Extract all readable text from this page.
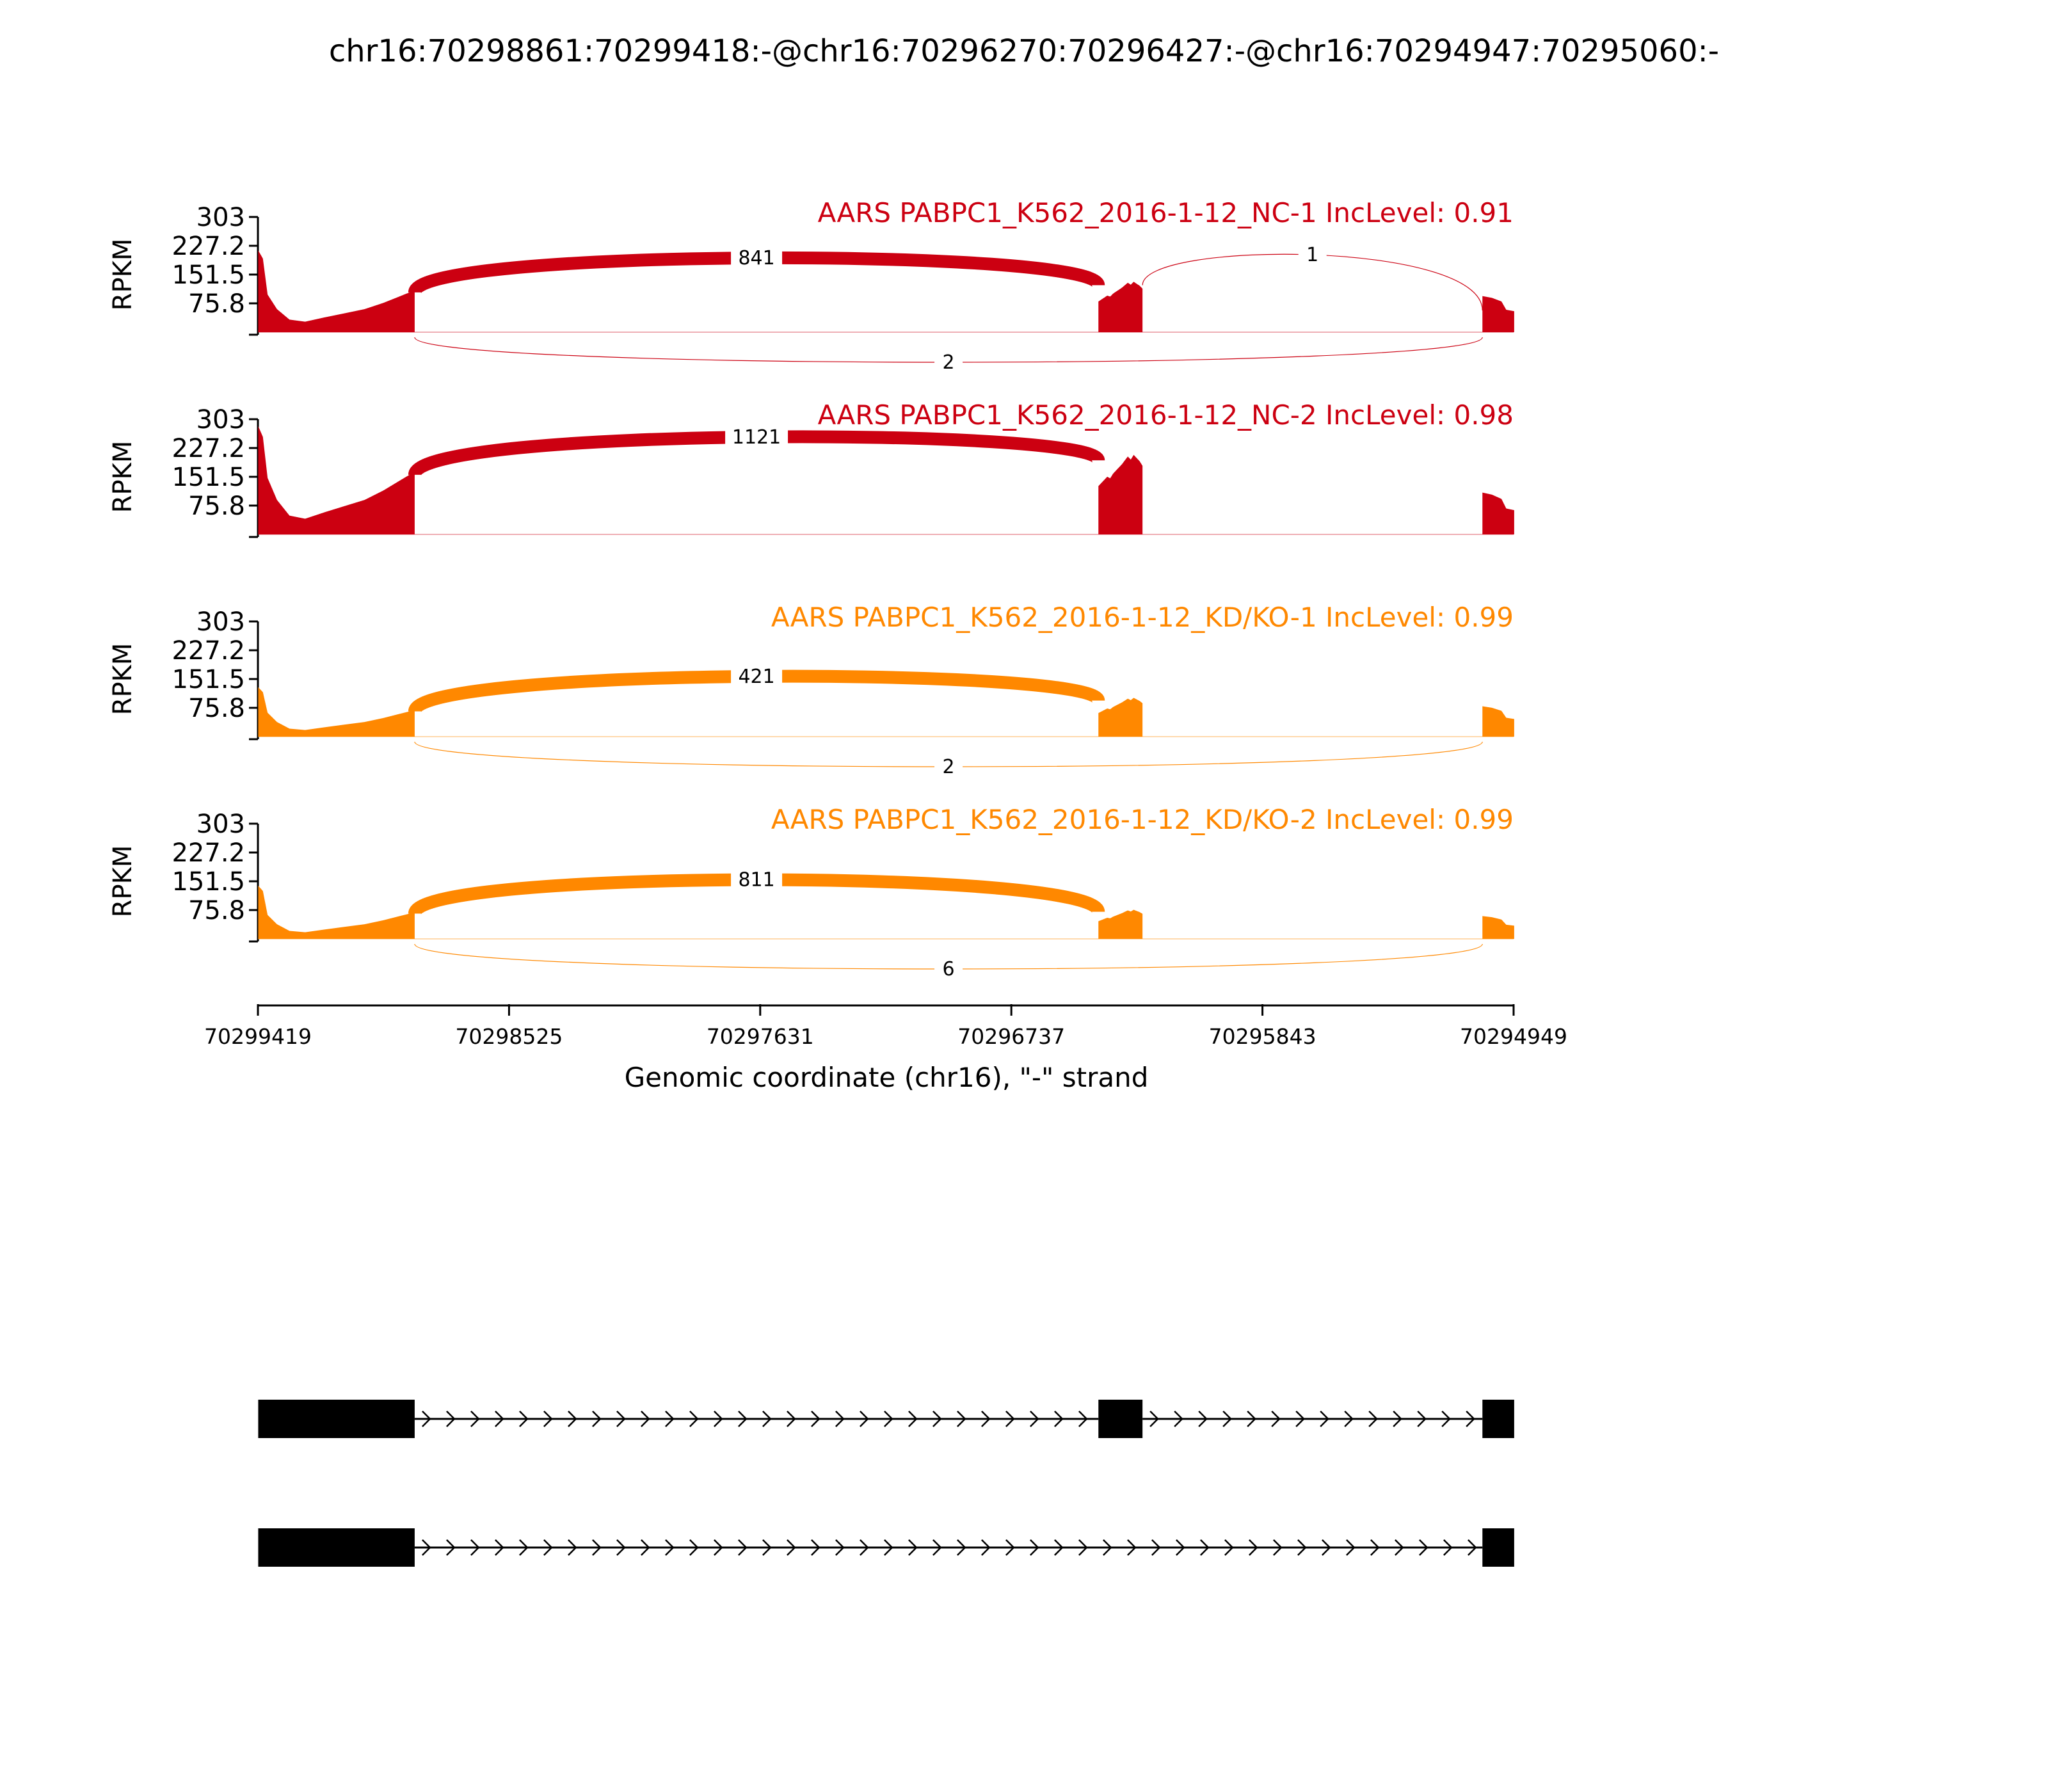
chr16:70298861:70299418:-@chr16:70296270:70296427:-@chr16:70294947:70295060:-
303
227.2
151.5
75.8
RPKM
AARS PABPC1_K562_2016-1-12_NC-1 IncLevel: 0.91
841	1
2
303
227.2
151.5
75.8
RPKM
AARS PABPC1_K562_2016-1-12_NC-2 IncLevel: 0.98
1121
303
227.2
151.5
75.8
RPKM
AARS PABPC1_K562_2016-1-12_KD/KO-1 IncLevel: 0.99
421
2
303
227.2
151.5
75.8
RPKM
AARS PABPC1_K562_2016-1-12_KD/KO-2 IncLevel: 0.99
811
6
70299419	70298525	70297631	70296737	70295843	70294949
Genomic coordinate (chr16), "-" strand
